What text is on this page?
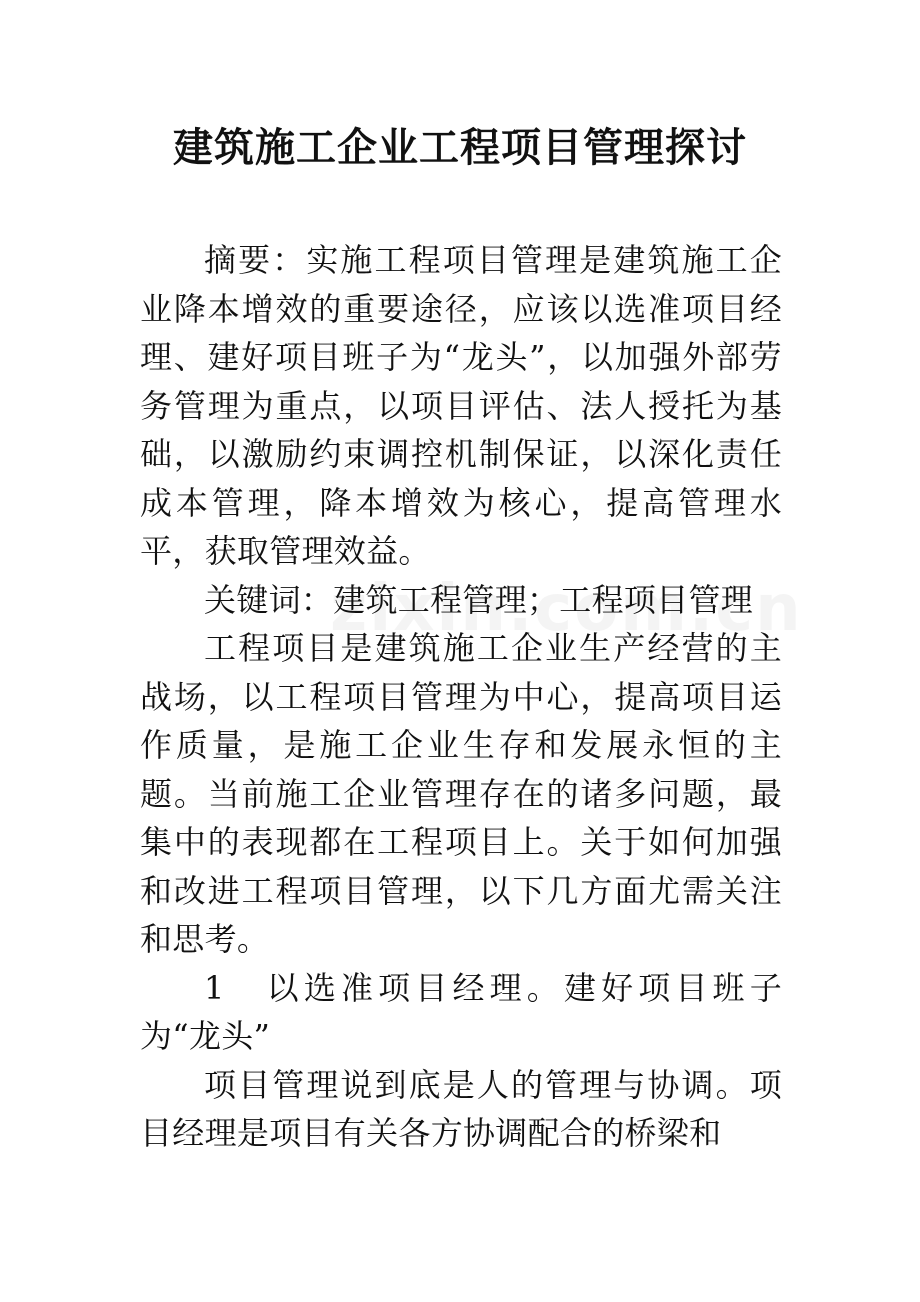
建筑施工企业工程项目管理探讨

摘要：实施工程项目管理是建筑施工企业降本增效的重要途径，应该以选准项目经理、建好项目班子为“龙头”，以加强外部劳务管理为重点，以项目评估、法人授托为基础，以激励约束调控机制保证，以深化责任成本管理，降本增效为核心，提高管理水平，获取管理效益。

关键词：建筑工程管理；工程项目管理

工程项目是建筑施工企业生产经营的主战场，以工程项目管理为中心，提高项目运作质量，是施工企业生存和发展永恒的主题。当前施工企业管理存在的诸多问题，最集中的表现都在工程项目上。关于如何加强和改进工程项目管理，以下几方面尤需关注和思考。

1　以选准项目经理。建好项目班子为“龙头”

项目管理说到底是人的管理与协调。项目经理是项目有关各方协调配合的桥梁和
